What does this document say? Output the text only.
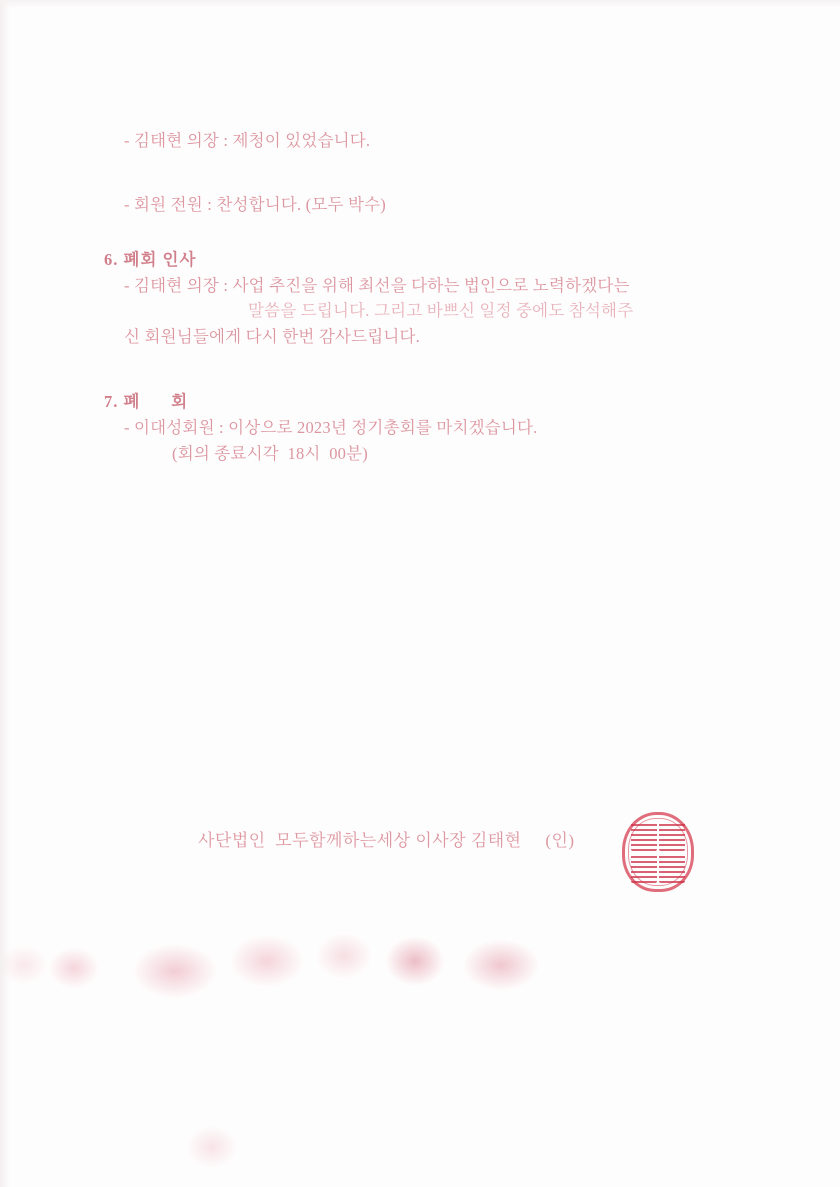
- 김태현 의장 : 제청이 있었습니다.
- 회원 전원 : 찬성합니다. (모두 박수)
6. 폐회 인사
- 김태현 의장 : 사업 추진을 위해 최선을 다하는 법인으로 노력하겠다는
말씀을 드립니다. 그리고 바쁘신 일정 중에도 참석해주
신 회원님들에게 다시 한번 감사드립니다.
7. 폐      회
- 이대성회원 : 이상으로 2023년 정기총회를 마치겠습니다.
(회의 종료시각  18시  00분)
사단법인  모두함께하는세상 이사장 김태현     (인)
